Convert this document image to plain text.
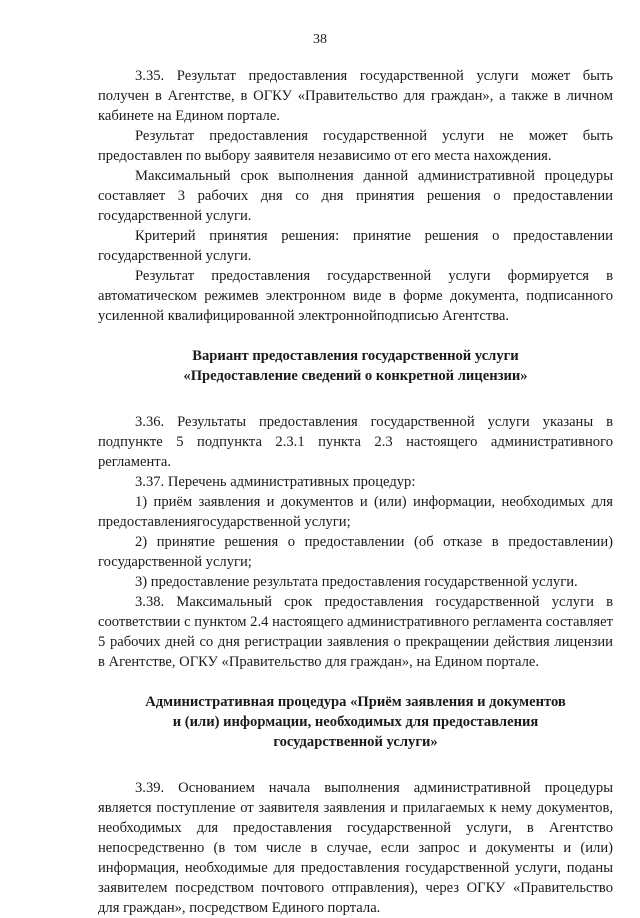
38

3.35. Результат предоставления государственной услуги может быть получен в Агентстве, в ОГКУ «Правительство для граждан», а также в личном кабинете на Едином портале.

Результат предоставления государственной услуги не может быть предоставлен по выбору заявителя независимо от его места нахождения.

Максимальный срок выполнения данной административной процедуры составляет 3 рабочих дня со дня принятия решения о предоставлении государственной услуги.

Критерий принятия решения: принятие решения о предоставлении государственной услуги.

Результат предоставления государственной услуги формируется в автоматическом режимев электронном виде в форме документа, подписанного усиленной квалифицированной электроннойподписью Агентства.

Вариант предоставления государственной услуги
«Предоставление сведений о конкретной лицензии»

3.36. Результаты предоставления государственной услуги указаны в подпункте 5 подпункта 2.3.1 пункта 2.3 настоящего административного регламента.

3.37. Перечень административных процедур:

1) приём заявления и документов и (или) информации, необходимых для предоставлениягосударственной услуги;

2) принятие решения о предоставлении (об отказе в предоставлении) государственной услуги;

3) предоставление результата предоставления государственной услуги.

3.38. Максимальный срок предоставления государственной услуги в соответствии с пунктом 2.4 настоящего административного регламента составляет 5 рабочих дней со дня регистрации заявления о прекращении действия лицензии в Агентстве, ОГКУ «Правительство для граждан», на Едином портале.

Административная процедура «Приём заявления и документов
и (или) информации, необходимых для предоставления
государственной услуги»

3.39. Основанием начала выполнения административной процедуры является поступление от заявителя заявления и прилагаемых к нему документов, необходимых для предоставления государственной услуги, в Агентство непосредственно (в том числе в случае, если запрос и документы и (или) информация, необходимые для предоставления государственной услуги, поданы заявителем посредством почтового отправления), через ОГКУ «Правительство для граждан», посредством Единого портала.
